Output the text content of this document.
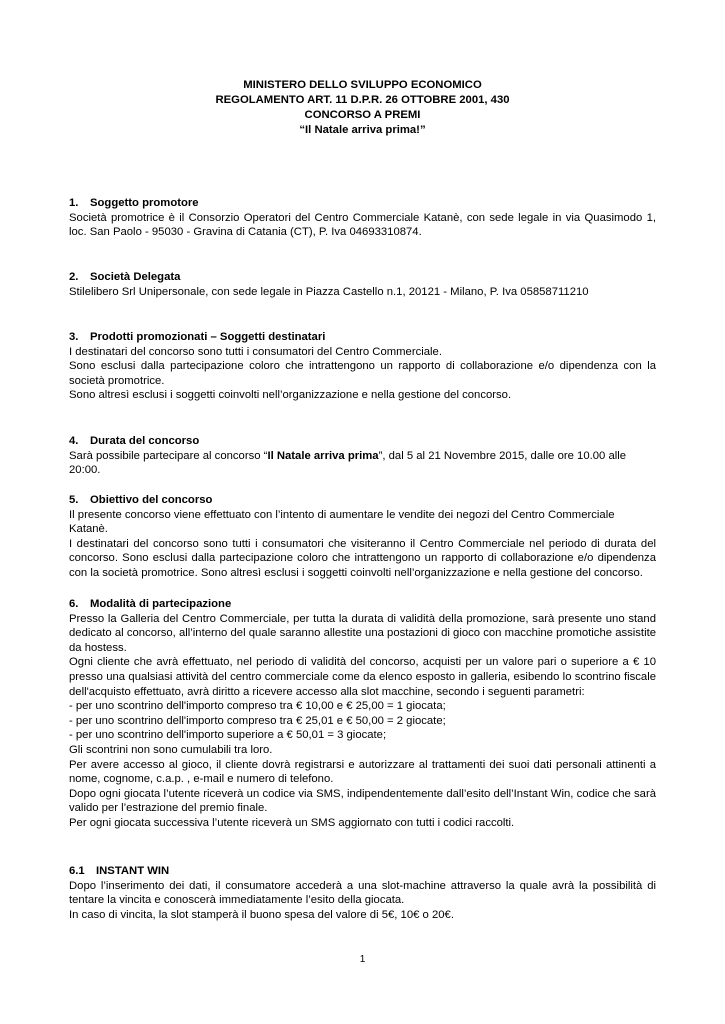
MINISTERO DELLO SVILUPPO ECONOMICO
REGOLAMENTO ART. 11 D.P.R. 26 OTTOBRE 2001, 430
CONCORSO A PREMI
“Il Natale arriva prima!”
1. Soggetto promotore

Società promotrice è il Consorzio Operatori del Centro Commerciale Katanè, con sede legale in via Quasimodo 1, loc. San Paolo - 95030 - Gravina di Catania (CT), P. Iva 04693310874.

2. Società Delegata

Stilelibero Srl Unipersonale, con sede legale in Piazza Castello n.1, 20121 - Milano, P. Iva 05858711210

3. Prodotti promozionati – Soggetti destinatari

I destinatari del concorso sono tutti i consumatori del Centro Commerciale.

Sono esclusi dalla partecipazione coloro che intrattengono un rapporto di collaborazione e/o dipendenza con la società promotrice.

Sono altresì esclusi i soggetti coinvolti nell’organizzazione e nella gestione del concorso.

4. Durata del concorso

Sarà possibile partecipare al concorso “Il Natale arriva prima”, dal 5 al 21 Novembre 2015, dalle ore 10.00 alle 20:00.

5. Obiettivo del concorso

Il presente concorso viene effettuato con l’intento di aumentare le vendite dei negozi del Centro Commerciale Katanè.

I destinatari del concorso sono tutti i consumatori che visiteranno il Centro Commerciale nel periodo di durata del concorso. Sono esclusi dalla partecipazione coloro che intrattengono un rapporto di collaborazione e/o dipendenza con la società promotrice. Sono altresì esclusi i soggetti coinvolti nell’organizzazione e nella gestione del concorso.

6. Modalità di partecipazione

Presso la Galleria del Centro Commerciale, per tutta la durata di validità della promozione, sarà presente uno stand dedicato al concorso, all’interno del quale saranno allestite una postazioni di gioco con macchine promotiche assistite da hostess.

Ogni cliente che avrà effettuato, nel periodo di validità del concorso, acquisti per un valore pari o superiore a € 10 presso una qualsiasi attività del centro commerciale come da elenco esposto in galleria, esibendo lo scontrino fiscale dell'acquisto effettuato, avrà diritto a ricevere accesso alla slot macchine, secondo i seguenti parametri:

- per uno scontrino dell'importo compreso tra € 10,00 e € 25,00 = 1 giocata;

- per uno scontrino dell'importo compreso tra € 25,01 e € 50,00 = 2 giocate;

- per uno scontrino dell'importo superiore a € 50,01 = 3 giocate;

Gli scontrini non sono cumulabili tra loro.

Per avere accesso al gioco, il cliente dovrà registrarsi e autorizzare al trattamenti dei suoi dati personali attinenti a nome, cognome, c.a.p. , e-mail e numero di telefono.

Dopo ogni giocata l’utente riceverà un codice via SMS, indipendentemente dall’esito dell’Instant Win, codice che sarà valido per l’estrazione del premio finale.

Per ogni giocata successiva l’utente riceverà un SMS aggiornato con tutti i codici raccolti.

6.1 INSTANT WIN

Dopo l’inserimento dei dati, il consumatore accederà a una slot-machine attraverso la quale avrà la possibilità di tentare la vincita e conoscerà immediatamente l’esito della giocata.

In caso di vincita, la slot stamperà il buono spesa del valore di 5€, 10€ o 20€.

1
